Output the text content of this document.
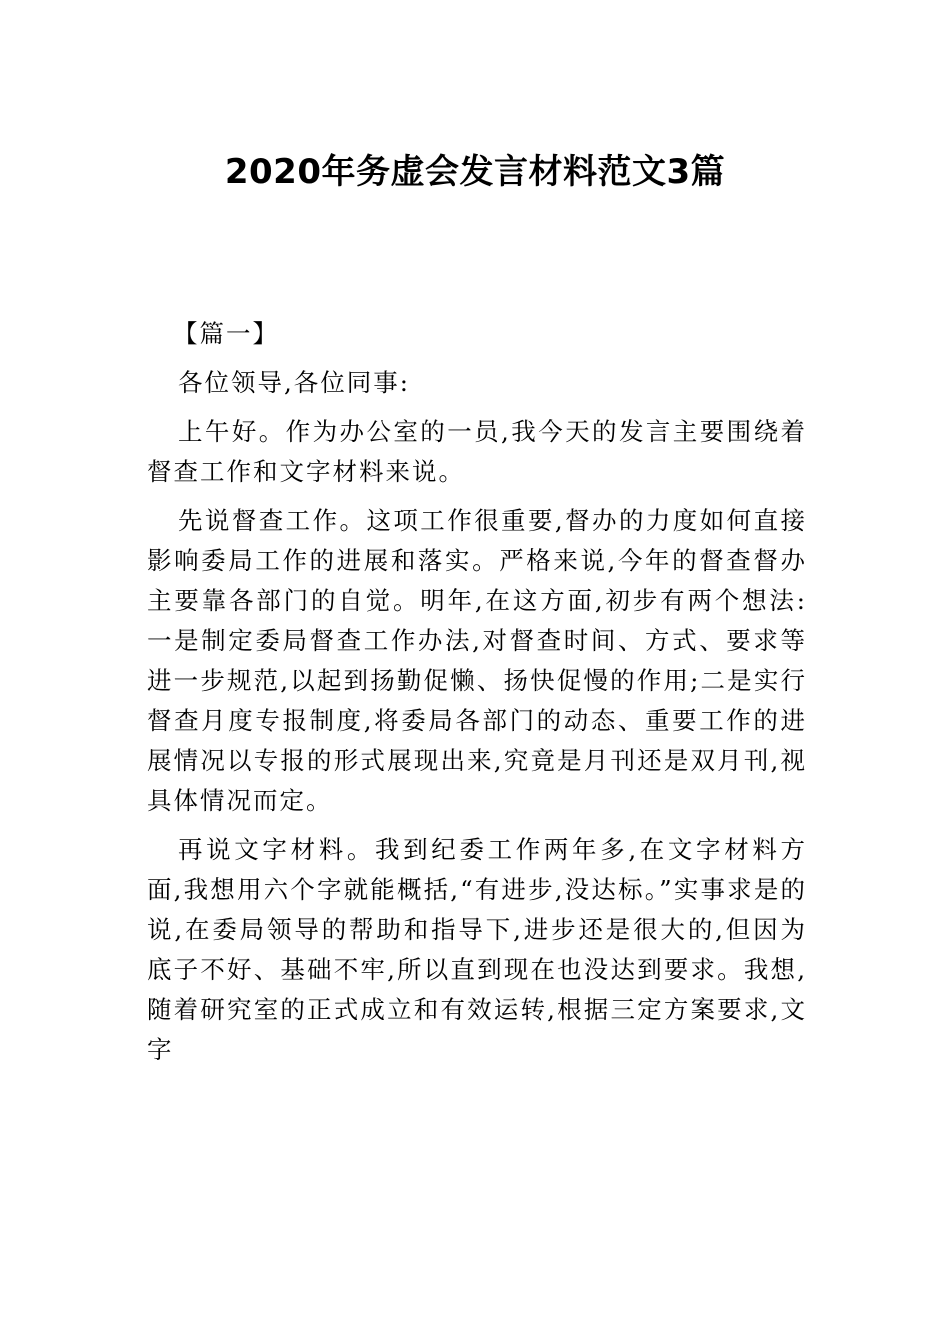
2020年务虚会发言材料范文3篇
【篇一】

各位领导,各位同事:

上午好。作为办公室的一员,我今天的发言主要围绕着督查工作和文字材料来说。

先说督查工作。这项工作很重要,督办的力度如何直接影响委局工作的进展和落实。严格来说,今年的督查督办主要靠各部门的自觉。明年,在这方面,初步有两个想法:一是制定委局督查工作办法,对督查时间、方式、要求等进一步规范,以起到扬勤促懒、扬快促慢的作用;二是实行督查月度专报制度,将委局各部门的动态、重要工作的进展情况以专报的形式展现出来,究竟是月刊还是双月刊,视具体情况而定。

再说文字材料。我到纪委工作两年多,在文字材料方面,我想用六个字就能概括,“有进步,没达标。”实事求是的说,在委局领导的帮助和指导下,进步还是很大的,但因为底子不好、基础不牢,所以直到现在也没达到要求。我想,随着研究室的正式成立和有效运转,根据三定方案要求,文字
